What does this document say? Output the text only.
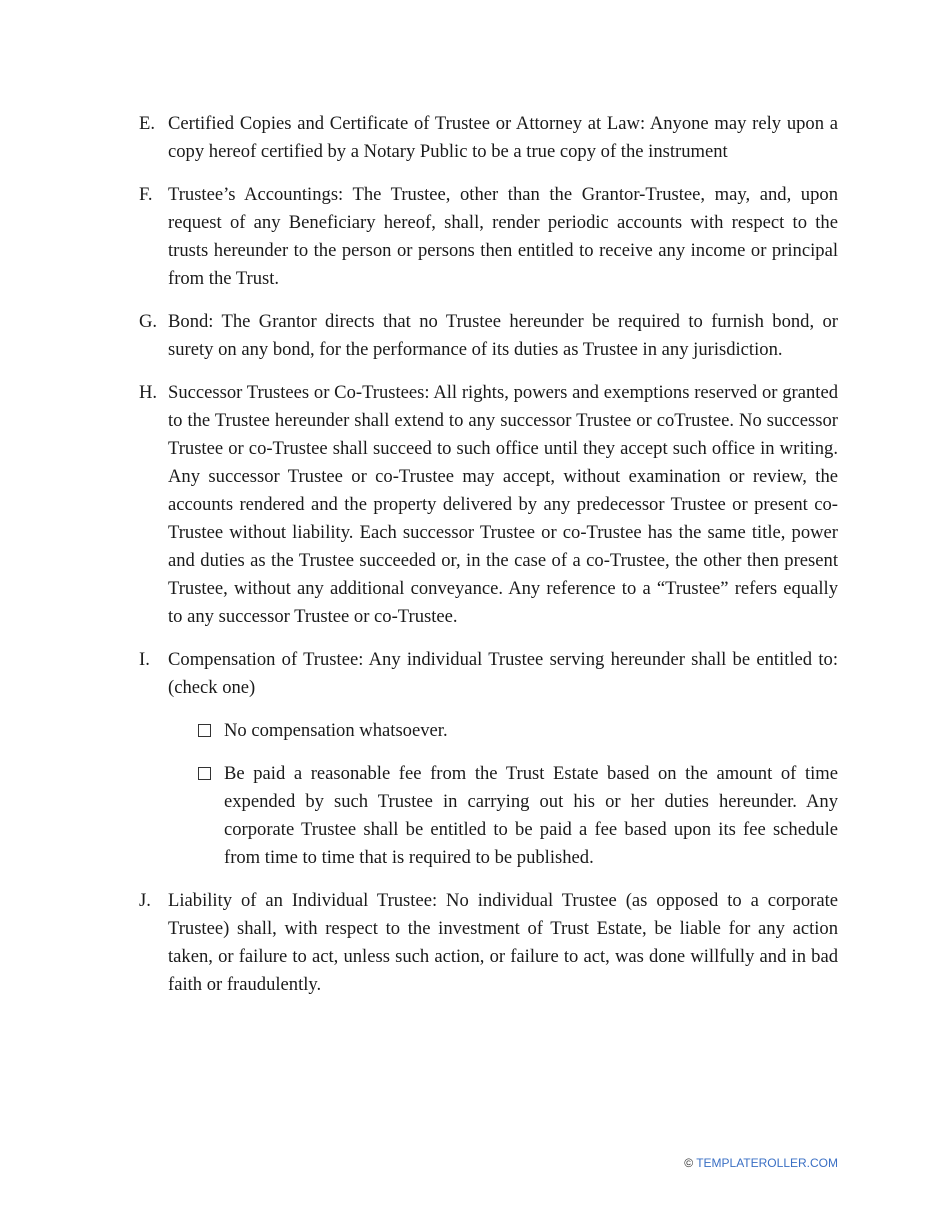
E. Certified Copies and Certificate of Trustee or Attorney at Law: Anyone may rely upon a copy hereof certified by a Notary Public to be a true copy of the instrument
F. Trustee’s Accountings: The Trustee, other than the Grantor-Trustee, may, and, upon request of any Beneficiary hereof, shall, render periodic accounts with respect to the trusts hereunder to the person or persons then entitled to receive any income or principal from the Trust.
G. Bond: The Grantor directs that no Trustee hereunder be required to furnish bond, or surety on any bond, for the performance of its duties as Trustee in any jurisdiction.
H. Successor Trustees or Co-Trustees: All rights, powers and exemptions reserved or granted to the Trustee hereunder shall extend to any successor Trustee or coTrustee. No successor Trustee or co-Trustee shall succeed to such office until they accept such office in writing. Any successor Trustee or co-Trustee may accept, without examination or review, the accounts rendered and the property delivered by any predecessor Trustee or present co-Trustee without liability. Each successor Trustee or co-Trustee has the same title, power and duties as the Trustee succeeded or, in the case of a co-Trustee, the other then present Trustee, without any additional conveyance. Any reference to a “Trustee” refers equally to any successor Trustee or co-Trustee.
I. Compensation of Trustee: Any individual Trustee serving hereunder shall be entitled to: (check one)
No compensation whatsoever.
Be paid a reasonable fee from the Trust Estate based on the amount of time expended by such Trustee in carrying out his or her duties hereunder. Any corporate Trustee shall be entitled to be paid a fee based upon its fee schedule from time to time that is required to be published.
J. Liability of an Individual Trustee: No individual Trustee (as opposed to a corporate Trustee) shall, with respect to the investment of Trust Estate, be liable for any action taken, or failure to act, unless such action, or failure to act, was done willfully and in bad faith or fraudulently.
© TEMPLATEROLLER.COM
